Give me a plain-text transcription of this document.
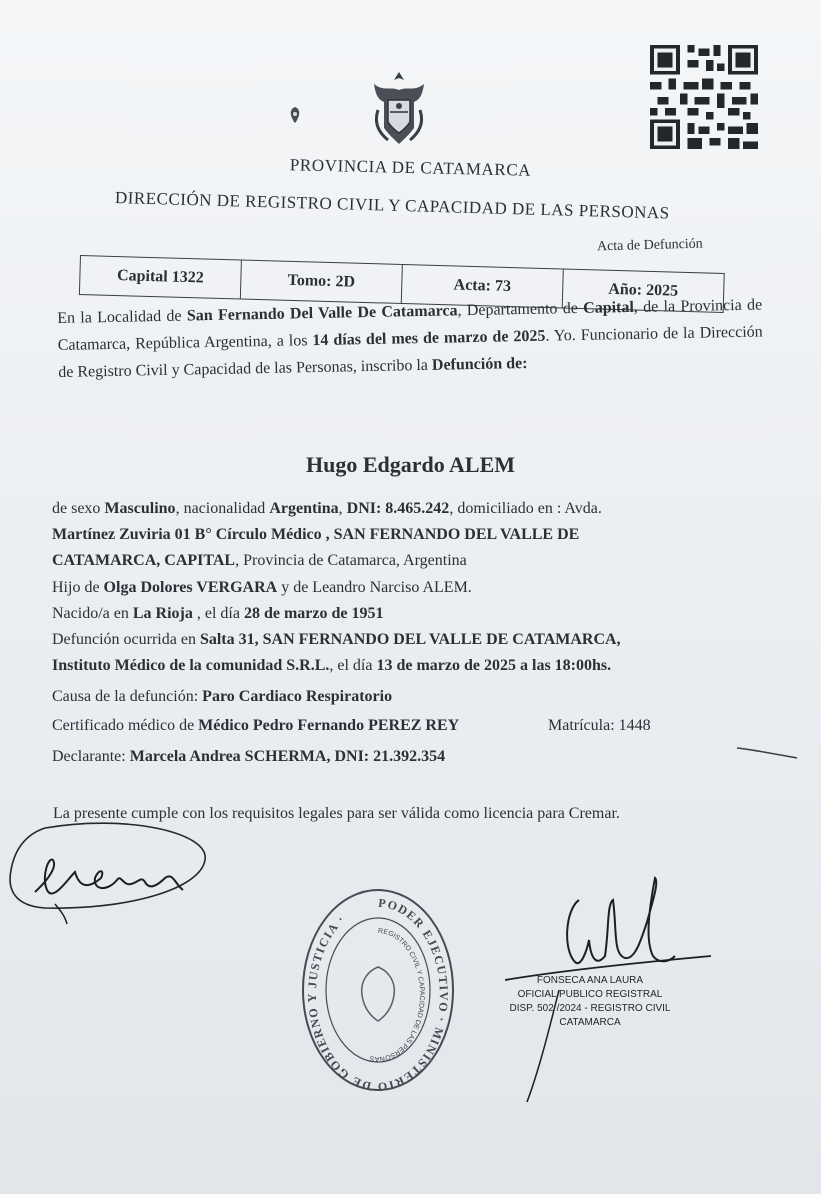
PROVINCIA DE CATAMARCA
DIRECCIÓN DE REGISTRO CIVIL Y CAPACIDAD DE LAS PERSONAS
Acta de Defunción
Capital 1322	Tomo: 2D	Acta: 73	Año: 2025
En la Localidad de San Fernando Del Valle De Catamarca, Departamento de Capital, de la Provincia de Catamarca, República Argentina, a los 14 días del mes de marzo de 2025. Yo. Funcionario de la Dirección de Registro Civil y Capacidad de las Personas, inscribo la Defunción de:
Hugo Edgardo ALEM
de sexo Masculino, nacionalidad Argentina, DNI: 8.465.242, domiciliado en : Avda.
Martínez Zuviria 01 B° Círculo Médico , SAN FERNANDO DEL VALLE DE
CATAMARCA, CAPITAL, Provincia de Catamarca, Argentina
Hijo de Olga Dolores VERGARA y de Leandro Narciso ALEM.
Nacido/a en La Rioja , el día 28 de marzo de 1951
Defunción ocurrida en Salta 31, SAN FERNANDO DEL VALLE DE CATAMARCA,
Instituto Médico de la comunidad S.R.L., el día 13 de marzo de 2025 a las 18:00hs.
Causa de la defunción: Paro Cardiaco Respiratorio
Certificado médico de Médico Pedro Fernando PEREZ REY	Matrícula: 1448
Declarante: Marcela Andrea SCHERMA, DNI: 21.392.354
La presente cumple con los requisitos legales para ser válida como licencia para Cremar.
PODER EJECUTIVO · MINISTERIO DE GOBIERNO Y JUSTICIA ·
REGISTRO CIVIL Y CAPACIDAD DE LAS PERSONAS
FONSECA ANA LAURA
OFICIAL PUBLICO REGISTRAL
DISP. 502 /2024 - REGISTRO CIVIL
CATAMARCA
